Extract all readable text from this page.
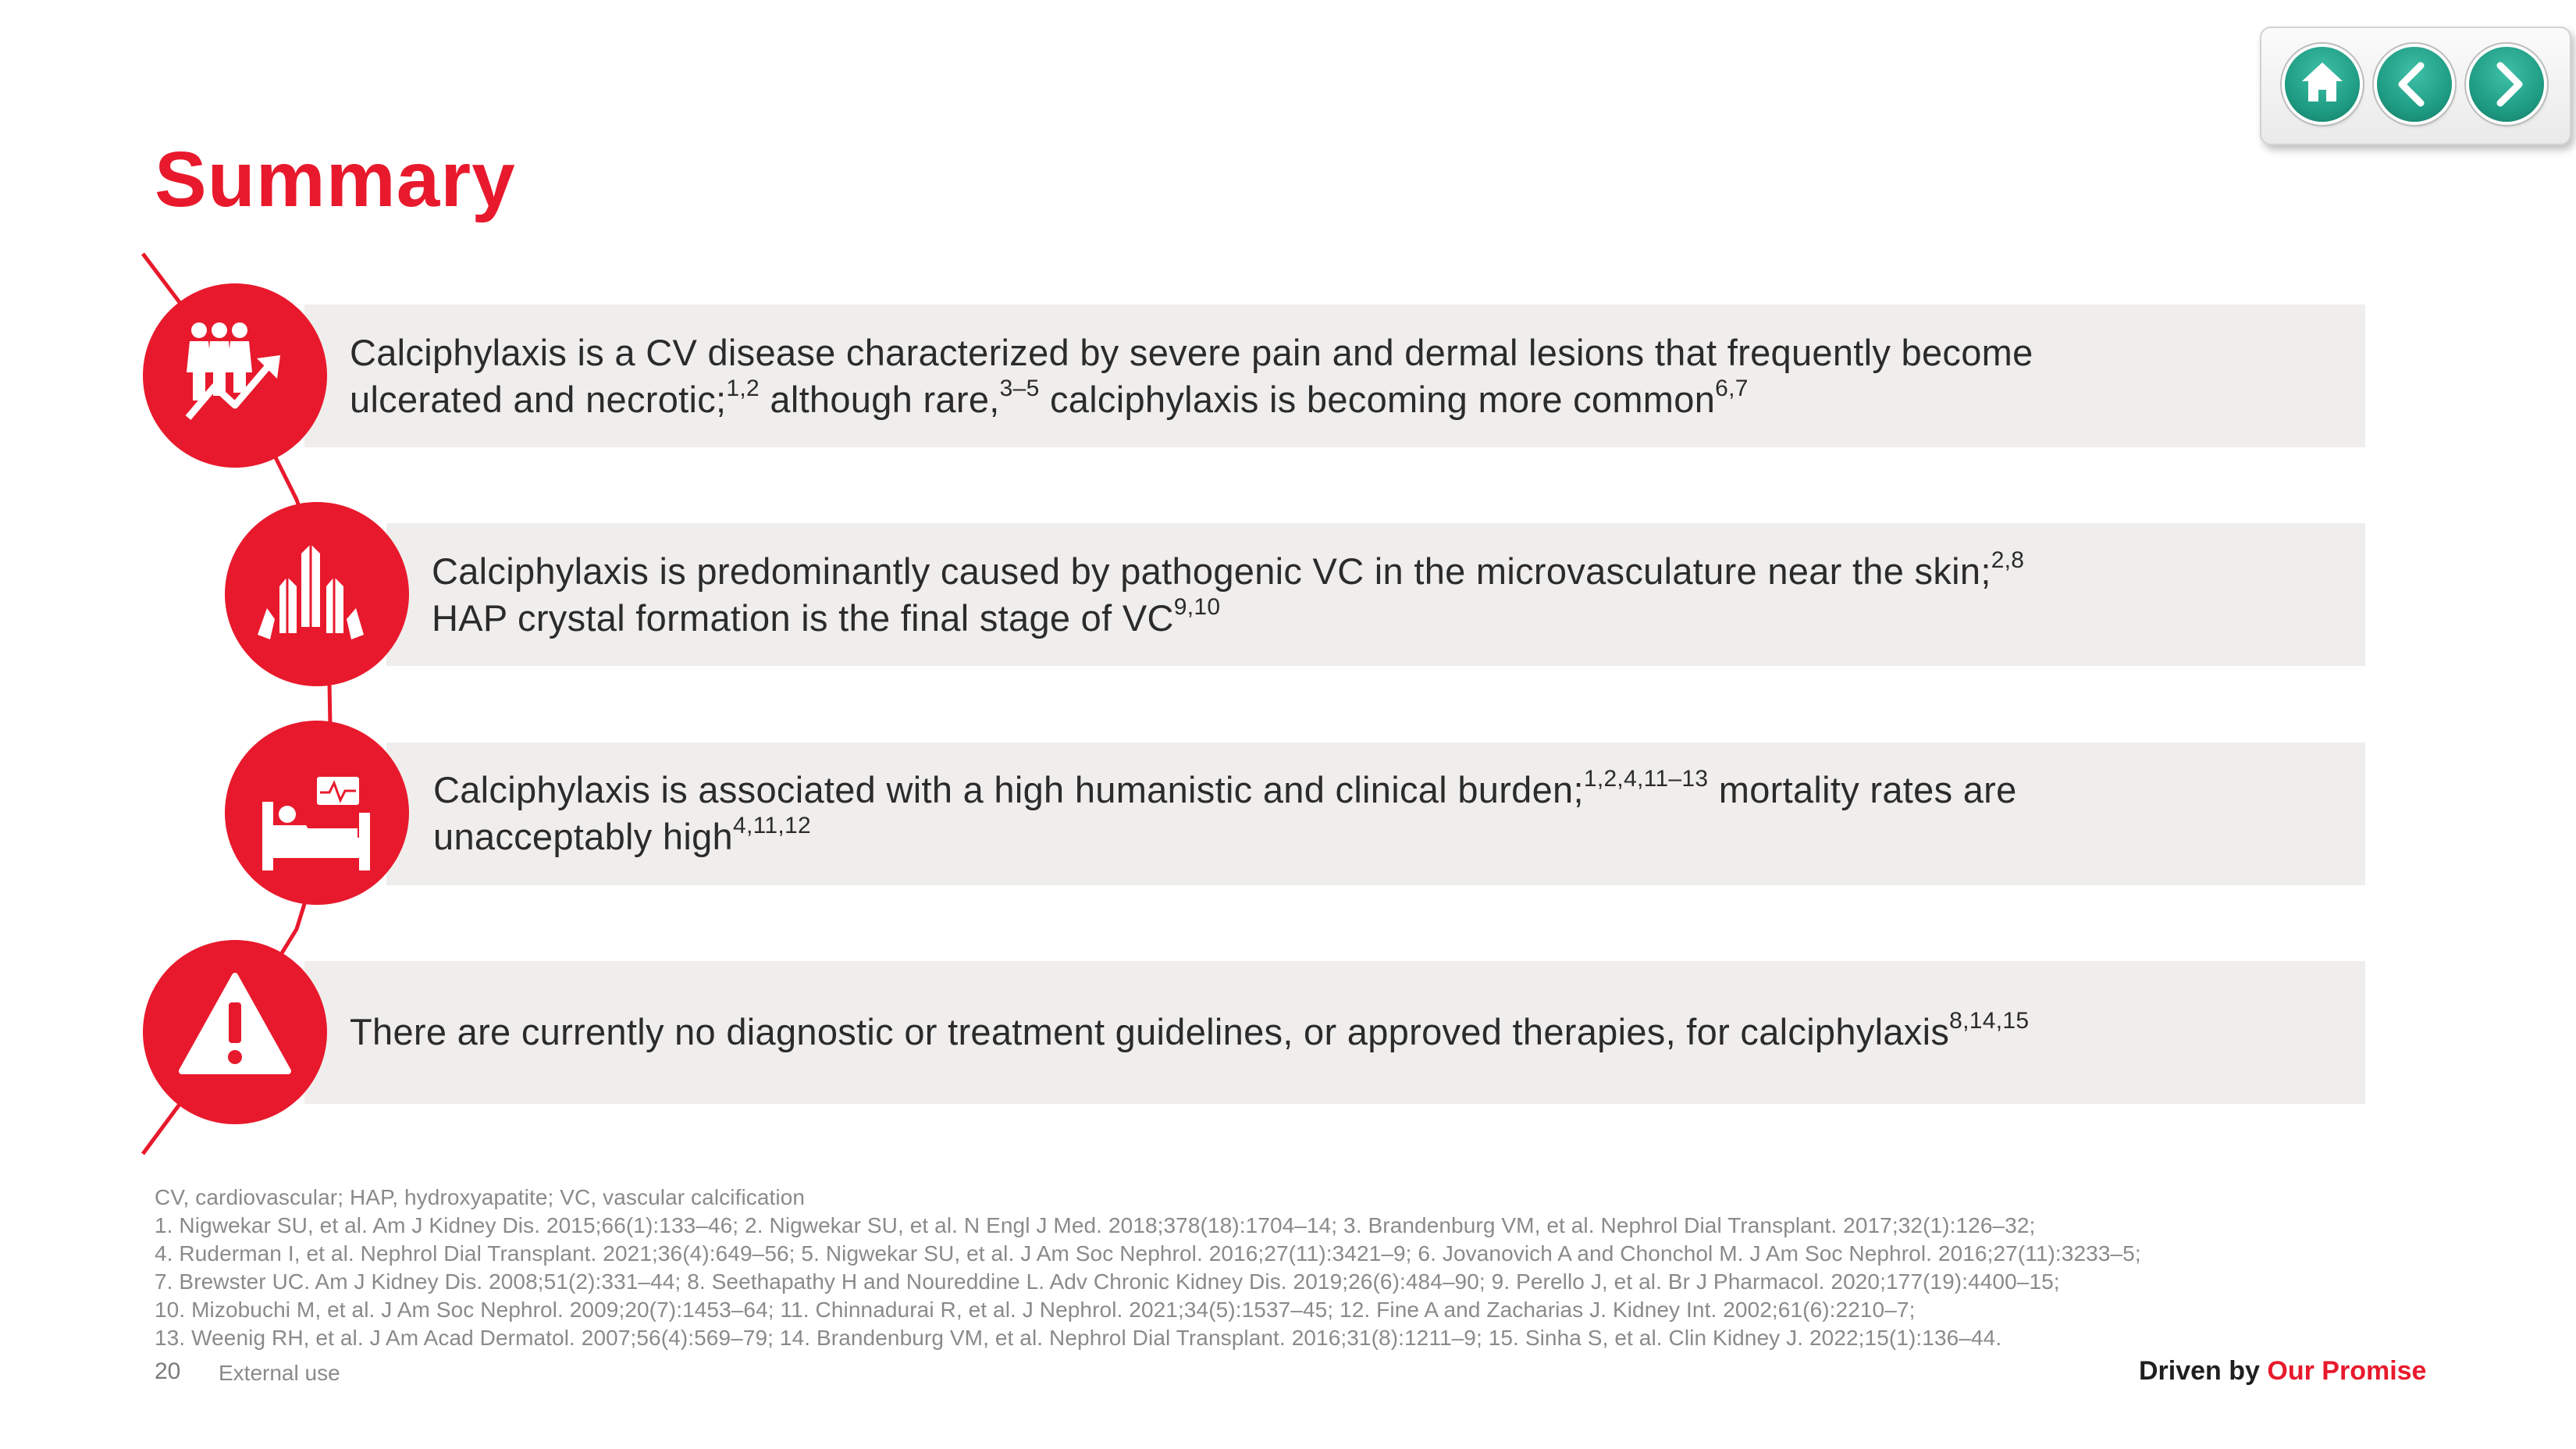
Summary
Calciphylaxis is a CV disease characterized by severe pain and dermal lesions that frequently become
ulcerated and necrotic;$^{1,2}$ although rare,$^{3-5}$ calciphylaxis is becoming more common$^{6,7}$
Calciphylaxis is predominantly caused by pathogenic VC in the microvasculature near the skin;$^{2,8}$
HAP crystal formation is the final stage of VC$^{9,10}$
Calciphylaxis is associated with a high humanistic and clinical burden;$^{1,2,4,11-13}$ mortality rates are
unacceptably high$^{4,11,12}$
There are currently no diagnostic or treatment guidelines, or approved therapies, for calciphylaxis$^{8,14,15}$
CV, cardiovascular; HAP, hydroxyapatite; VC, vascular calcification
1. Nigwekar SU, et al. Am J Kidney Dis. 2015;66(1):133–46; 2. Nigwekar SU, et al. N Engl J Med. 2018;378(18):1704–14; 3. Brandenburg VM, et al. Nephrol Dial Transplant. 2017;32(1):126–32;
4. Ruderman I, et al. Nephrol Dial Transplant. 2021;36(4):649–56; 5. Nigwekar SU, et al. J Am Soc Nephrol. 2016;27(11):3421–9; 6. Jovanovich A and Chonchol M. J Am Soc Nephrol. 2016;27(11):3233–5;
7. Brewster UC. Am J Kidney Dis. 2008;51(2):331–44; 8. Seethapathy H and Noureddine L. Adv Chronic Kidney Dis. 2019;26(6):484–90; 9. Perello J, et al. Br J Pharmacol. 2020;177(19):4400–15;
10. Mizobuchi M, et al. J Am Soc Nephrol. 2009;20(7):1453–64; 11. Chinnadurai R, et al. J Nephrol. 2021;34(5):1537–45; 12. Fine A and Zacharias J. Kidney Int. 2002;61(6):2210–7;
13. Weenig RH, et al. J Am Acad Dermatol. 2007;56(4):569–79; 14. Brandenburg VM, et al. Nephrol Dial Transplant. 2016;31(8):1211–9; 15. Sinha S, et al. Clin Kidney J. 2022;15(1):136–44.
20 External use	Driven by Our Promise
